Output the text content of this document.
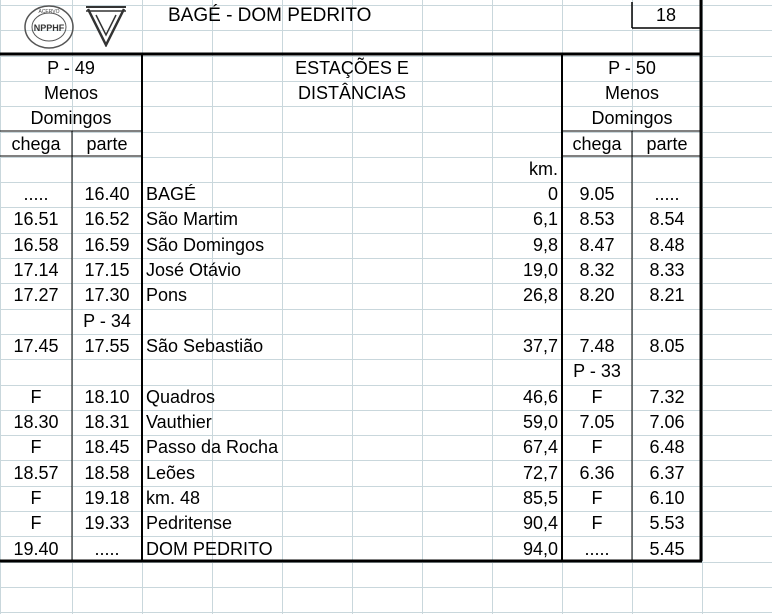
NPPHF
ACERVO	BAGÉ - DOM PEDRITO	18
P - 49
Menos
Domingos
chega	parte
ESTAÇÕES E
DISTÂNCIAS
km.
P - 50
Menos
Domingos
chega	parte
.....	16.40 BAGÉ	0	9.05	.....
16.51	16.52 São Martim	6,1	8.53	8.54
16.58	16.59 São Domingos	9,8	8.47	8.48
17.14	17.15 José Otávio	19,0	8.32	8.33
17.27	17.30 Pons	26,8	8.20	8.21
P - 34
17.45	17.55 São Sebastião	37,7	7.48	8.05
P - 33
F	18.10 Quadros	46,6	F	7.32
18.30	18.31 Vauthier	59,0	7.05	7.06
F	18.45 Passo da Rocha	67,4	F	6.48
18.57	18.58 Leões	72,7	6.36	6.37
F	19.18 km. 48	85,5	F	6.10
F	19.33 Pedritense	90,4	F	5.53
19.40	.....	DOM PEDRITO	94,0	.....	5.45
